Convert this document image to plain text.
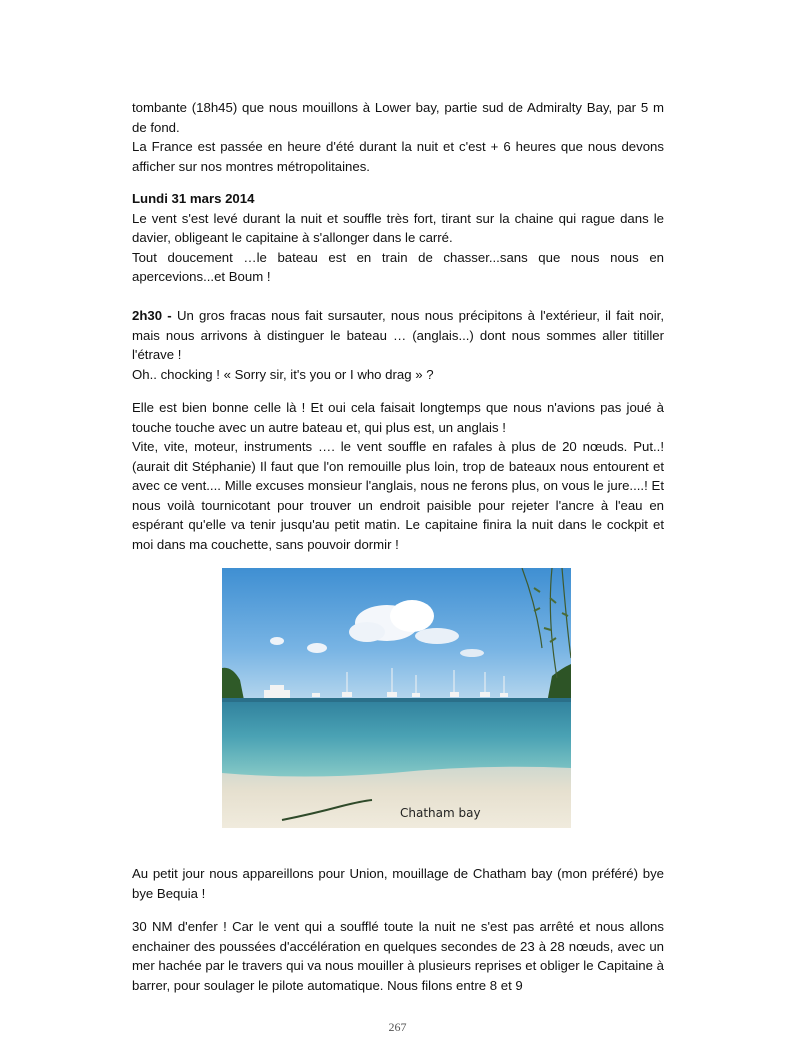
tombante (18h45) que nous mouillons à Lower bay, partie sud de Admiralty Bay, par 5 m de fond.

La France est passée en heure d'été durant la nuit et c'est + 6 heures que nous devons afficher sur nos montres métropolitaines.

Lundi 31 mars 2014

Le vent s'est levé durant la nuit et souffle très fort, tirant sur la chaine qui rague dans le davier, obligeant le capitaine à s'allonger dans le carré.

Tout doucement …le bateau est en train de chasser...sans que nous nous en apercevions...et Boum !

2h30 - Un gros fracas nous fait sursauter, nous nous précipitons à l'extérieur, il fait noir, mais nous arrivons à distinguer le bateau … (anglais...) dont nous sommes aller titiller l'étrave !

Oh.. chocking ! « Sorry sir, it's you or I who drag » ?

Elle est bien bonne celle là ! Et oui cela faisait longtemps que nous n'avions pas joué à touche touche avec un autre bateau et, qui plus est, un anglais !

Vite, vite, moteur, instruments …. le vent souffle en rafales à plus de 20 nœuds. Put..! (aurait dit Stéphanie) Il faut que l'on remouille plus loin, trop de bateaux nous entourent et avec ce vent.... Mille excuses monsieur l'anglais, nous ne ferons plus, on vous le jure....! Et nous voilà tournicotant pour trouver un endroit paisible pour rejeter l'ancre à l'eau en espérant qu'elle va tenir jusqu'au petit matin. Le capitaine finira la nuit dans le cockpit et moi dans ma couchette, sans pouvoir dormir !

Chatham bay

Au petit jour nous appareillons pour Union, mouillage de Chatham bay (mon préféré) bye bye Bequia !

30 NM d'enfer ! Car le vent qui a soufflé toute la nuit ne s'est pas arrêté et nous allons enchainer des poussées d'accélération en quelques secondes de 23 à 28 nœuds, avec un mer hachée par le travers qui va nous mouiller à plusieurs reprises et obliger le Capitaine à barrer, pour soulager le pilote automatique. Nous filons entre 8 et 9

267
